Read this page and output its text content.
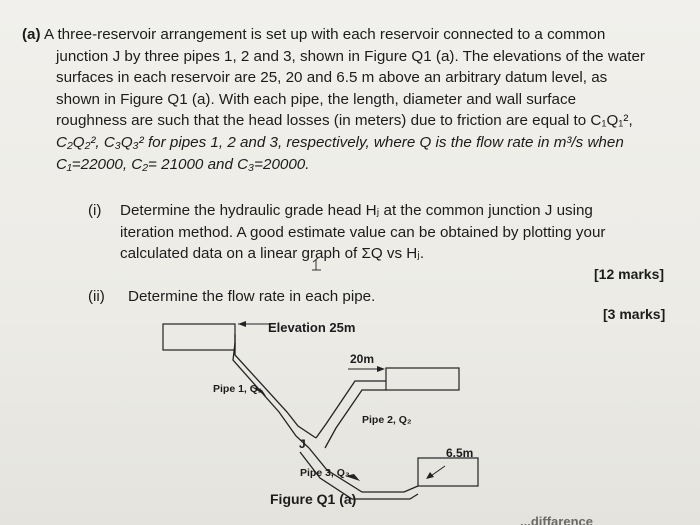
(a) A three-reservoir arrangement is set up with each reservoir connected to a common
junction J by three pipes 1, 2 and 3, shown in Figure Q1 (a). The elevations of the water
surfaces in each reservoir are 25, 20 and 6.5 m above an arbitrary datum level, as
shown in Figure Q1 (a). With each pipe, the length, diameter and wall surface
roughness are such that the head losses (in meters) due to friction are equal to C₁Q₁²,
C₂Q₂², C₃Q₃² for pipes 1, 2 and 3, respectively, where Q is the flow rate in m³/s when
C₁=22000, C₂= 21000 and C₃=20000.
(i) Determine the hydraulic grade head Hⱼ at the common junction J using
iteration method. A good estimate value can be obtained by plotting your
calculated data on a linear graph of ΣQ vs Hⱼ.
[12 marks]
(ii) Determine the flow rate in each pipe.
[3 marks]
Elevation 25m
20m
6.5m
Pipe 1, Q₁
Pipe 2, Q₂
J
Pipe 3, Q₃
Figure Q1 (a)
...diffarence
